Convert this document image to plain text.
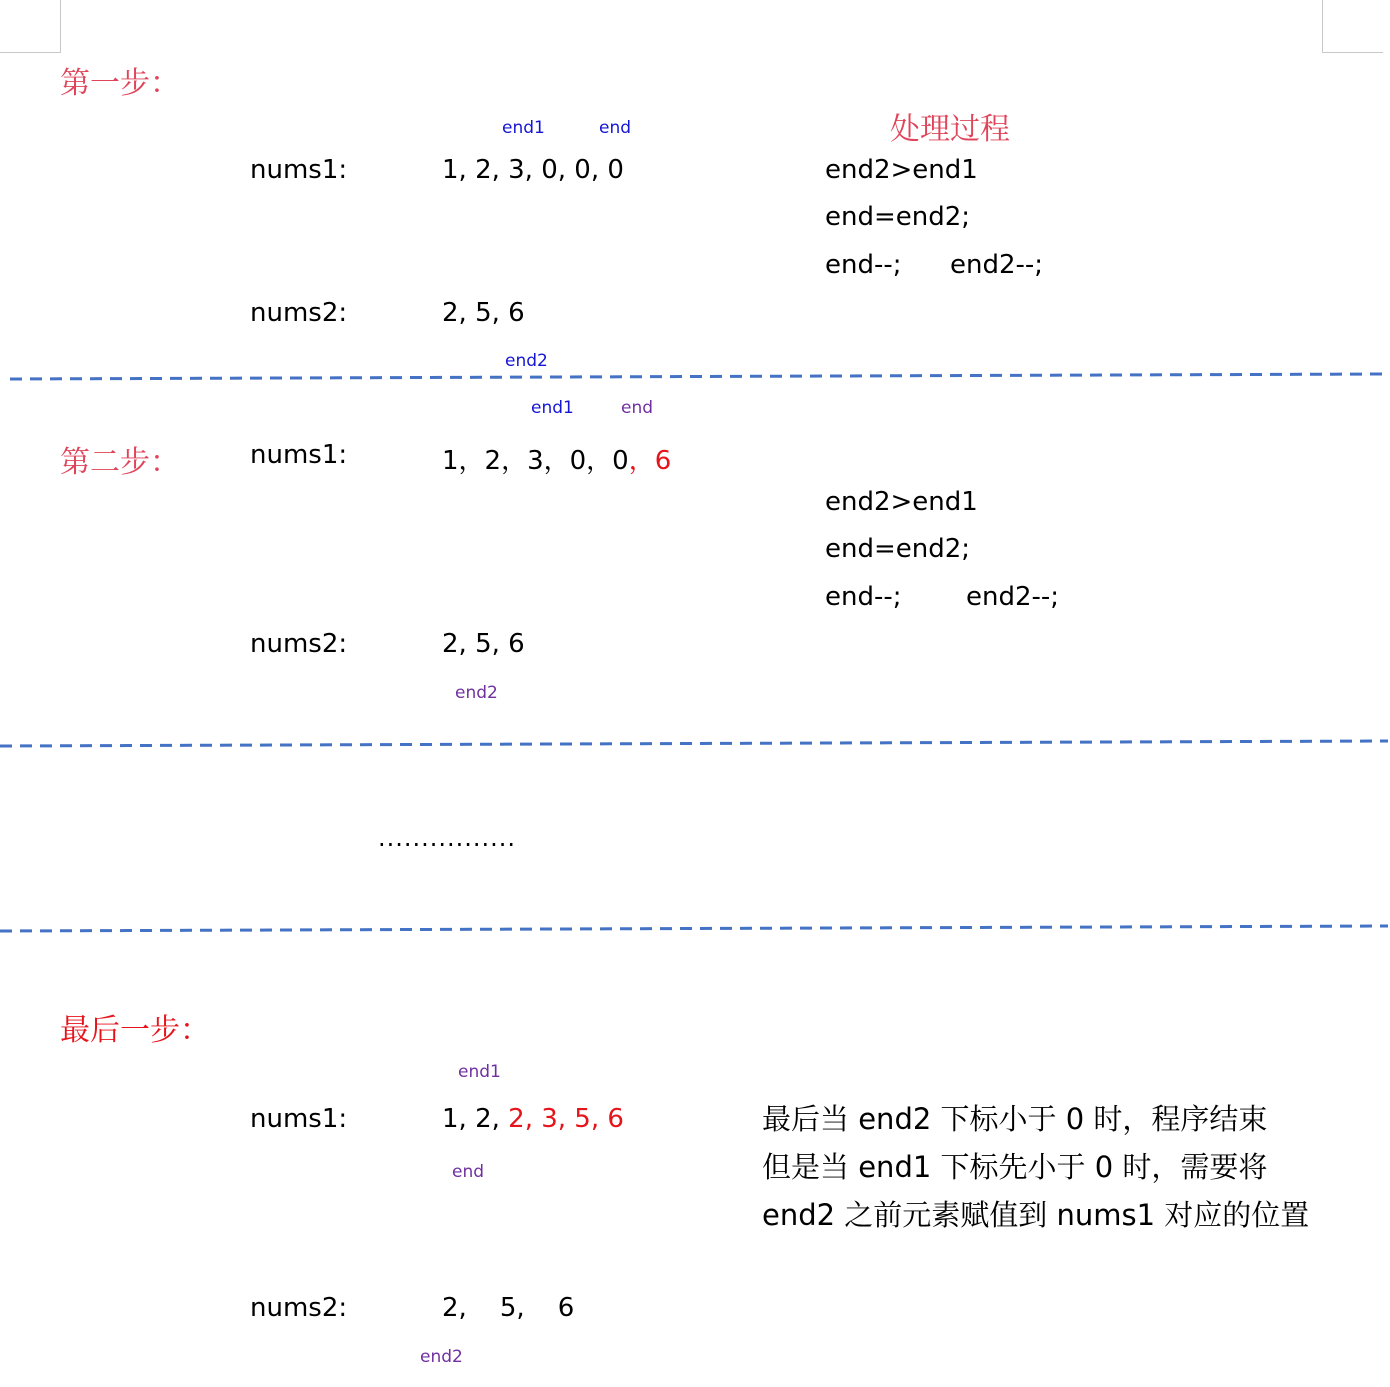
第一步：
处理过程
end1	end
nums1:	1, 2, 3, 0, 0, 0	end2>end1
end=end2;
end--; end2--;
nums2:	2, 5, 6
end2
end1	end
第二步：	nums1:	1，2，3，0，0，6
end2>end1
end=end2;
end--; end2--;
nums2:	2, 5, 6
end2
................
最后一步：
end1
nums1:	1, 2, 2, 3, 5, 6
end
最后当 end2 下标小于 0 时，程序结束
但是当 end1 下标先小于 0 时，需要将
end2 之前元素赋值到 nums1 对应的位置
nums2:	2,    5,    6
end2
